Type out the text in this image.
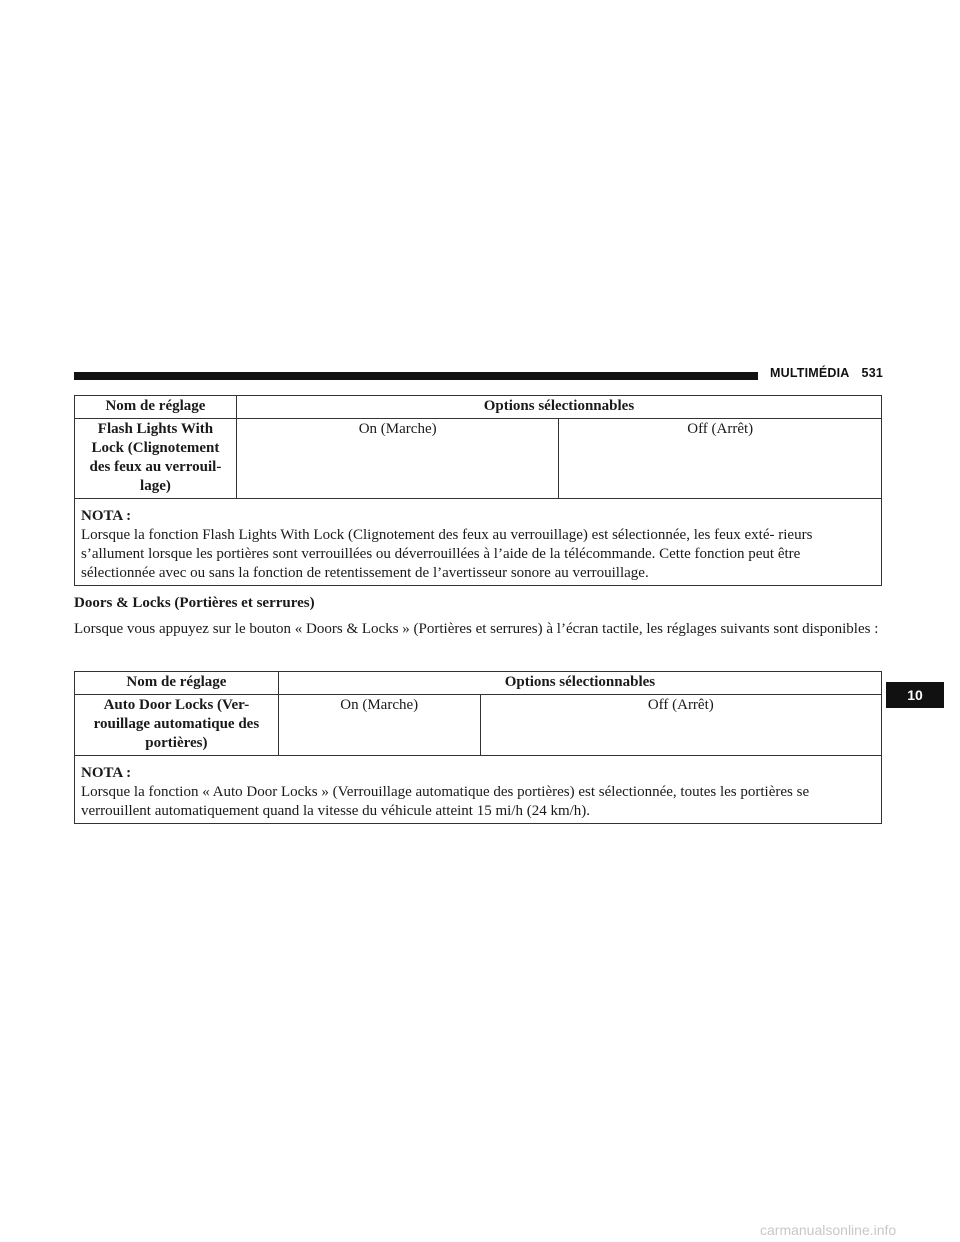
MULTIMÉDIA 531
Nom de réglage	Options sélectionnables	
Flash Lights With Lock (Clignotement des feux au verrouil- lage)	On (Marche)	Off (Arrêt)

NOTA :
Lorsque la fonction Flash Lights With Lock (Clignotement des feux au verrouillage) est sélectionnée, les feux exté- rieurs s’allument lorsque les portières sont verrouillées ou déverrouillées à l’aide de la télécommande. Cette fonction peut être sélectionnée avec ou sans la fonction de retentissement de l’avertisseur sonore au verrouillage.		
Doors & Locks (Portières et serrures)
Lorsque vous appuyez sur le bouton « Doors & Locks » (Portières et serrures) à l’écran tactile, les réglages suivants sont disponibles :
Nom de réglage	Options sélectionnables	
Auto Door Locks (Ver- rouillage automatique des portières)	On (Marche)	Off (Arrêt)

NOTA :
Lorsque la fonction « Auto Door Locks » (Verrouillage automatique des portières) est sélectionnée, toutes les portières se verrouillent automatiquement quand la vitesse du véhicule atteint 15 mi/h (24 km/h).		
10
carmanualsonline.info
